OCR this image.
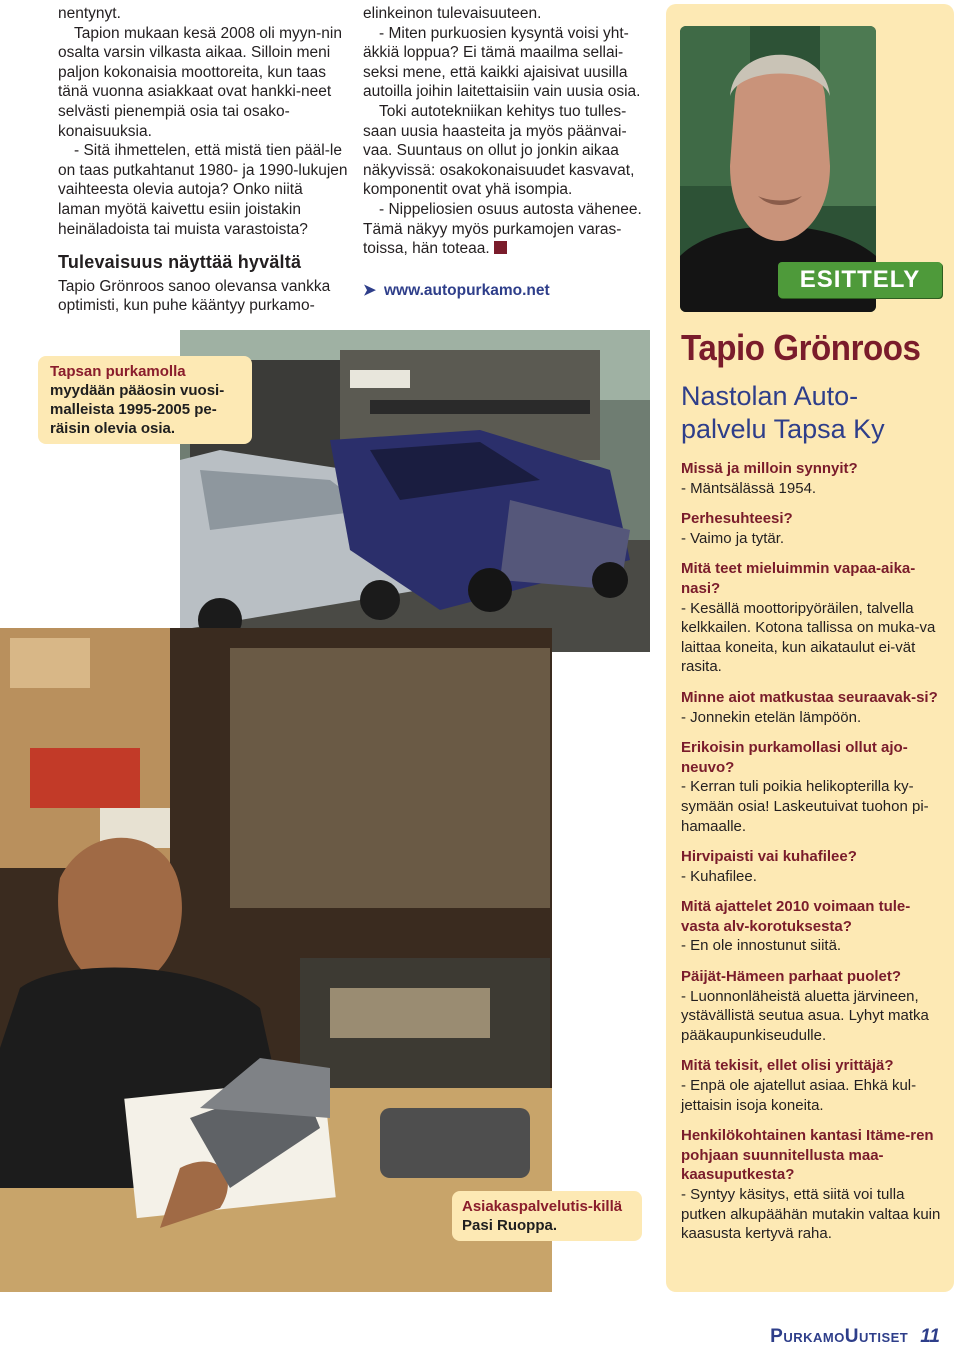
nentynyt.

Tapion mukaan kesä 2008 oli myyn-nin osalta varsin vilkasta aikaa. Silloin meni paljon kokonaisia moottoreita, kun taas tänä vuonna asiakkaat ovat hankki-neet selvästi pienempiä osia tai osako-konaisuuksia.

- Sitä ihmettelen, että mistä tien pääl-le on taas putkahtanut 1980- ja 1990-lukujen vaihteesta olevia autoja? Onko niitä laman myötä kaivettu esiin joistakin heinäladoista tai muista varastoista?

Tulevaisuus näyttää hyvältä

Tapio Grönroos sanoo olevansa vankka optimisti, kun puhe kääntyy purkamo-

elinkeinon tulevaisuuteen.

- Miten purkuosien kysyntä voisi yht-äkkiä loppua? Ei tämä maailma sellai-seksi mene, että kaikki ajaisivat uusilla autoilla joihin laitettaisiin vain uusia osia.

Toki autotekniikan kehitys tuo tulles-saan uusia haasteita ja myös päänvai-vaa. Suuntaus on ollut jo jonkin aikaa näkyvissä: osakokonaisuudet kasvavat, komponentit ovat yhä isompia.

- Nippeliosien osuus autosta vähenee. Tämä näkyy myös purkamojen varas-toissa, hän toteaa.

➤ www.autopurkamo.net

Tapsan purkamolla myydään pääosin vuosi-malleista 1995-2005 pe-räisin olevia osia.
ESITTELY
Tapio Grönroos
Nastolan Auto-palvelu Tapsa Ky
Missä ja milloin synnyit?
- Mäntsälässä 1954.
Perhesuhteesi?
- Vaimo ja tytär.
Mitä teet mieluimmin vapaa-aika-nasi?
- Kesällä moottoripyöräilen, talvella kelkkailen. Kotona tallissa on muka-va laittaa koneita, kun aikataulut ei-vät rasita.
Minne aiot matkustaa seuraavak-si?
- Jonnekin etelän lämpöön.
Erikoisin purkamollasi ollut ajo-neuvo?
- Kerran tuli poikia helikopterilla ky-symään osia! Laskeutuivat tuohon pi-hamaalle.
Hirvipaisti vai kuhafilee?
- Kuhafilee.
Mitä ajattelet 2010 voimaan tule-vasta alv-korotuksesta?
- En ole innostunut siitä.
Päijät-Hämeen parhaat puolet?
- Luonnonläheistä aluetta järvineen, ystävällistä seutua asua. Lyhyt matka pääkaupunkiseudulle.
Mitä tekisit, ellet olisi yrittäjä?
- Enpä ole ajatellut asiaa. Ehkä kul-jettaisin isoja koneita.
Henkilökohtainen kantasi Itäme-ren pohjaan suunnitellusta maa-kaasuputkesta?
- Syntyy käsitys, että siitä voi tulla putken alkupäähän mutakin valtaa kuin kaasusta kertyvä raha.
Asiakaspalvelutis-killä Pasi Ruoppa.
PurkamoUutiset 11
